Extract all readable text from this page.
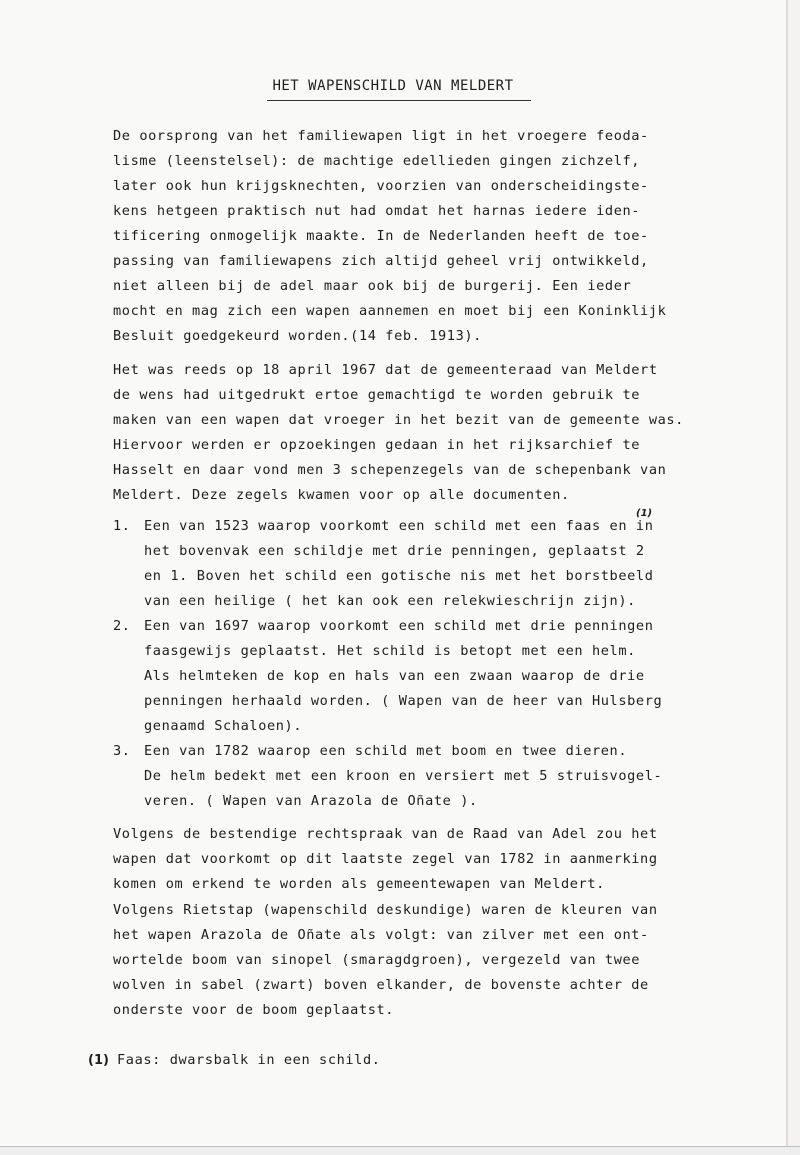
HET WAPENSCHILD VAN MELDERT
De oorsprong van het familiewapen ligt in het vroegere feoda-
lisme (leenstelsel): de machtige edellieden gingen zichzelf,
later ook hun krijgsknechten, voorzien van onderscheidingste-
kens hetgeen praktisch nut had omdat het harnas iedere iden-
tificering onmogelijk maakte. In de Nederlanden heeft de toe-
passing van familiewapens zich altijd geheel vrij ontwikkeld,
niet alleen bij de adel maar ook bij de burgerij. Een ieder
mocht en mag zich een wapen aannemen en moet bij een Koninklijk
Besluit goedgekeurd worden.(14 feb. 1913).
Het was reeds op 18 april 1967 dat de gemeenteraad van Meldert
de wens had uitgedrukt ertoe gemachtigd te worden gebruik te
maken van een wapen dat vroeger in het bezit van de gemeente was.
Hiervoor werden er opzoekingen gedaan in het rijksarchief te
Hasselt en daar vond men 3 schepenzegels van de schepenbank van
Meldert. Deze zegels kwamen voor op alle documenten.
1. Een van 1523 waarop voorkomt een schild met een faas en in
(1)
het bovenvak een schildje met drie penningen, geplaatst 2
en 1. Boven het schild een gotische nis met het borstbeeld
van een heilige ( het kan ook een relekwieschrijn zijn).
2. Een van 1697 waarop voorkomt een schild met drie penningen
faasgewijs geplaatst. Het schild is betopt met een helm.
Als helmteken de kop en hals van een zwaan waarop de drie
penningen herhaald worden. ( Wapen van de heer van Hulsberg
genaamd Schaloen).
3. Een van 1782 waarop een schild met boom en twee dieren.
De helm bedekt met een kroon en versiert met 5 struisvogel-
veren. ( Wapen van Arazola de Oñate ).
Volgens de bestendige rechtspraak van de Raad van Adel zou het
wapen dat voorkomt op dit laatste zegel van 1782 in aanmerking
komen om erkend te worden als gemeentewapen van Meldert.
Volgens Rietstap (wapenschild deskundige) waren de kleuren van
het wapen Arazola de Oñate als volgt: van zilver met een ont-
wortelde boom van sinopel (smaragdgroen), vergezeld van twee
wolven in sabel (zwart) boven elkander, de bovenste achter de
onderste voor de boom geplaatst.
(1) Faas: dwarsbalk in een schild.
